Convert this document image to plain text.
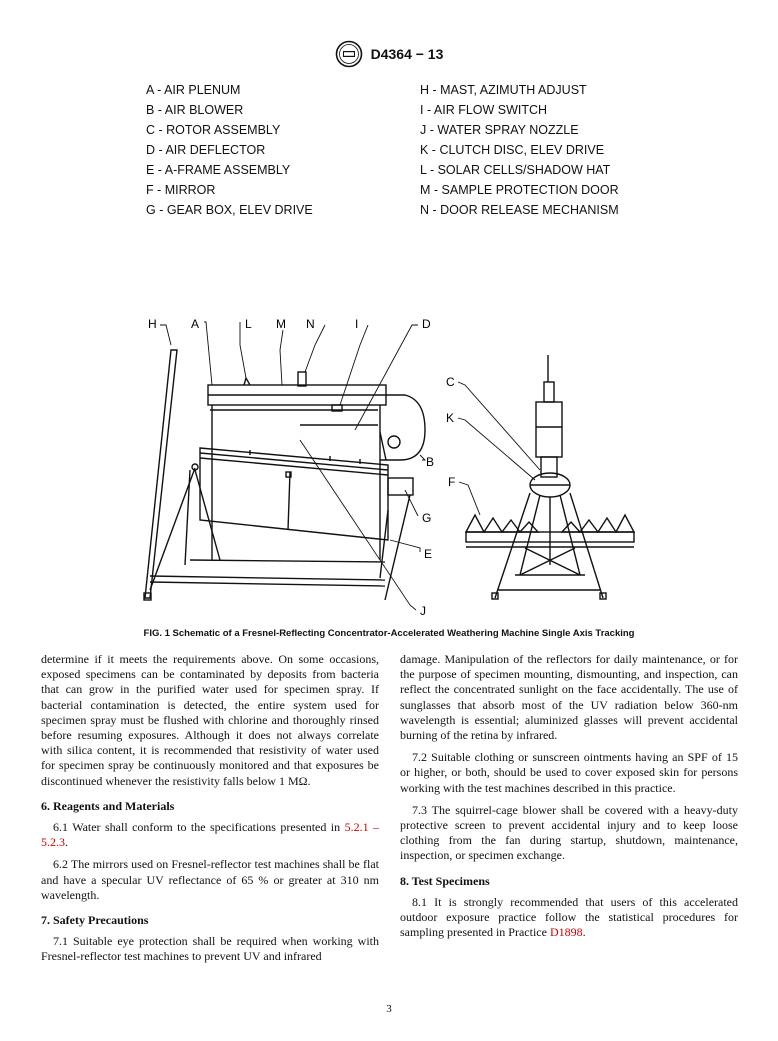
D4364 − 13
A - AIR PLENUM
B - AIR BLOWER
C - ROTOR ASSEMBLY
D - AIR DEFLECTOR
E - A-FRAME ASSEMBLY
F - MIRROR
G - GEAR BOX, ELEV DRIVE
H - MAST, AZIMUTH ADJUST
I - AIR FLOW SWITCH
J - WATER SPRAY NOZZLE
K - CLUTCH DISC, ELEV DRIVE
L - SOLAR CELLS/SHADOW HAT
M - SAMPLE PROTECTION DOOR
N - DOOR RELEASE MECHANISM
H	A	L M N	I	D
B
G
E
J
C
K
F
FIG. 1 Schematic of a Fresnel-Reflecting Concentrator-Accelerated Weathering Machine Single Axis Tracking

determine if it meets the requirements above. On some occasions, exposed specimens can be contaminated by deposits from bacteria that can grow in the purified water used for specimen spray. If bacterial contamination is detected, the entire system used for specimen spray must be flushed with chlorine and thoroughly rinsed before resuming exposures. Although it does not always correlate with silica content, it is recommended that resistivity of water used for specimen spray be continuously monitored and that exposures be discontinued whenever the resistivity falls below 1 MΩ.

6. Reagents and Materials

6.1 Water shall conform to the specifications presented in 5.2.1 – 5.2.3.

6.2 The mirrors used on Fresnel-reflector test machines shall be flat and have a specular UV reflectance of 65 % or greater at 310 nm wavelength.

7. Safety Precautions

7.1 Suitable eye protection shall be required when working with Fresnel-reflector test machines to prevent UV and infrared

damage. Manipulation of the reflectors for daily maintenance, or for the purpose of specimen mounting, dismounting, and inspection, can reflect the concentrated sunlight on the face accidentally. The use of sunglasses that absorb most of the UV radiation below 360-nm wavelength is essential; aluminized glasses will prevent accidental burning of the retina by infrared.

7.2 Suitable clothing or sunscreen ointments having an SPF of 15 or higher, or both, should be used to cover exposed skin for persons working with the test machines described in this practice.

7.3 The squirrel-cage blower shall be covered with a heavy-duty protective screen to prevent accidental injury and to keep loose clothing from the fan during startup, shutdown, maintenance, inspection, or specimen exchange.

8. Test Specimens

8.1 It is strongly recommended that users of this accelerated outdoor exposure practice follow the statistical procedures for sampling presented in Practice D1898.

3
